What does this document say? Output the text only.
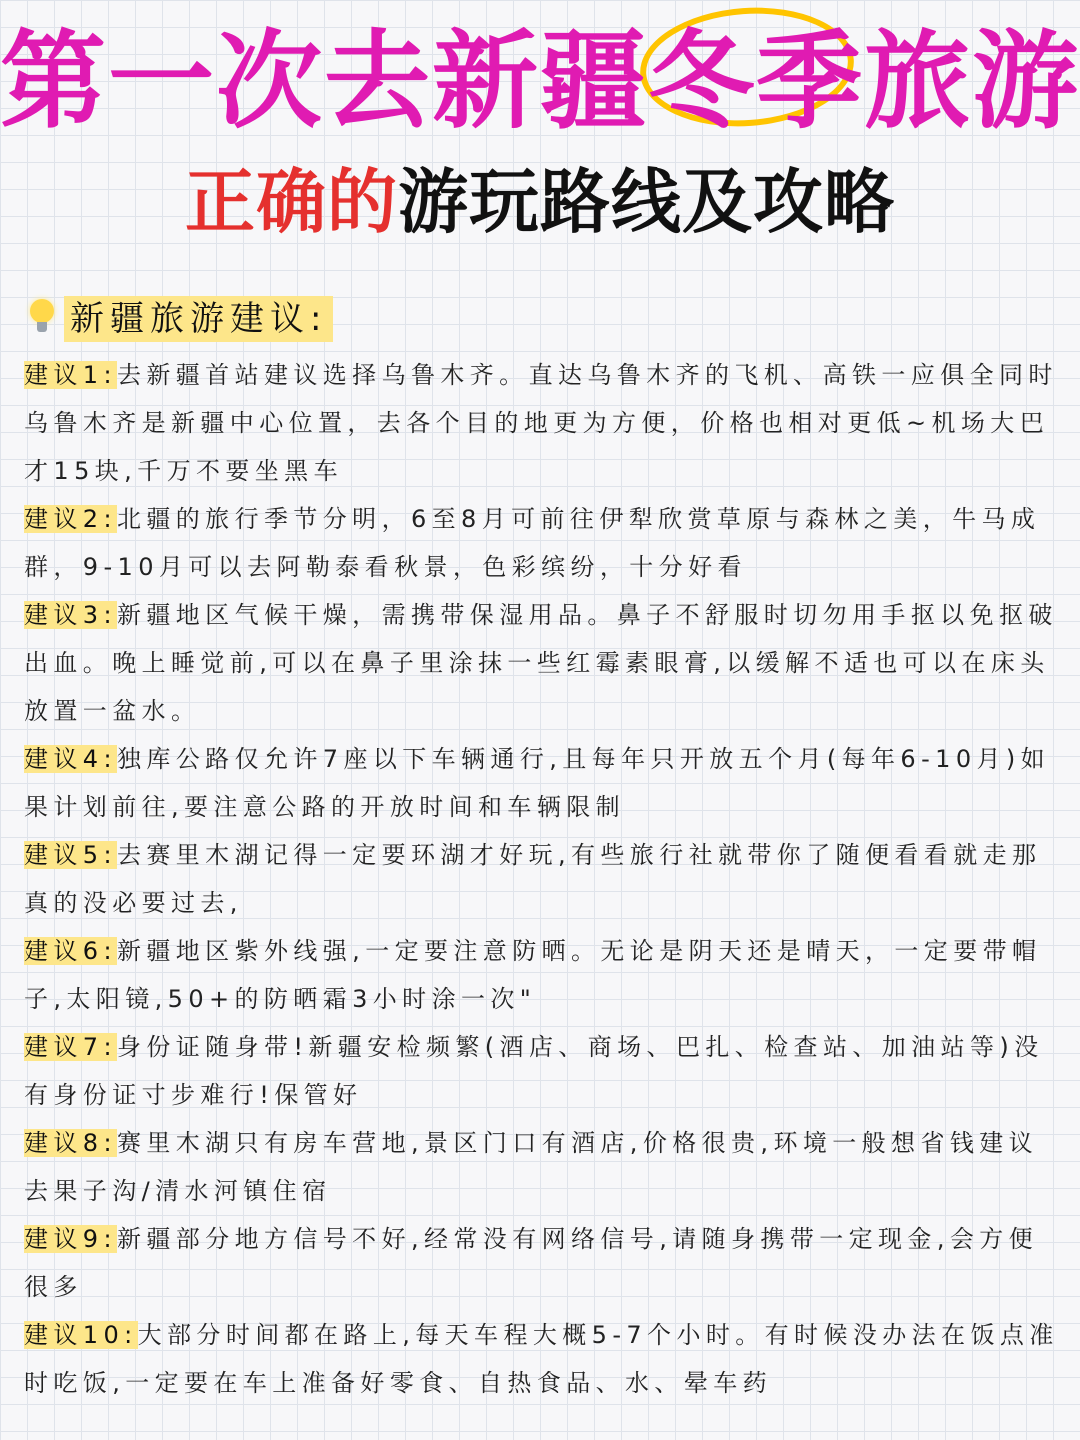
第一次去新疆冬季旅游
正确的游玩路线及攻略
新疆旅游建议:
建议1:去新疆首站建议选择乌鲁木齐。直达乌鲁木齐的飞机、高铁一应俱全同时乌鲁木齐是新疆中心位置，去各个目的地更为方便，价格也相对更低~机场大巴才15块,千万不要坐黑车
建议2:北疆的旅行季节分明，6至8月可前往伊犁欣赏草原与森林之美，牛马成群，9-10月可以去阿勒泰看秋景，色彩缤纷，十分好看
建议3:新疆地区气候干燥，需携带保湿用品。鼻子不舒服时切勿用手抠以免抠破出血。晚上睡觉前,可以在鼻子里涂抹一些红霉素眼膏,以缓解不适也可以在床头放置一盆水。
建议4:独库公路仅允许7座以下车辆通行,且每年只开放五个月(每年6-10月)如果计划前往,要注意公路的开放时间和车辆限制
建议5:去赛里木湖记得一定要环湖才好玩,有些旅行社就带你了随便看看就走那真的没必要过去,
建议6:新疆地区紫外线强,一定要注意防晒。无论是阴天还是晴天，一定要带帽子,太阳镜,50+的防晒霜3小时涂一次"
建议7:身份证随身带!新疆安检频繁(酒店、商场、巴扎、检查站、加油站等)没有身份证寸步难行!保管好
建议8:赛里木湖只有房车营地,景区门口有酒店,价格很贵,环境一般想省钱建议去果子沟/清水河镇住宿
建议9:新疆部分地方信号不好,经常没有网络信号,请随身携带一定现金,会方便很多
建议10:大部分时间都在路上,每天车程大概5-7个小时。有时候没办法在饭点准时吃饭,一定要在车上准备好零食、自热食品、水、晕车药
